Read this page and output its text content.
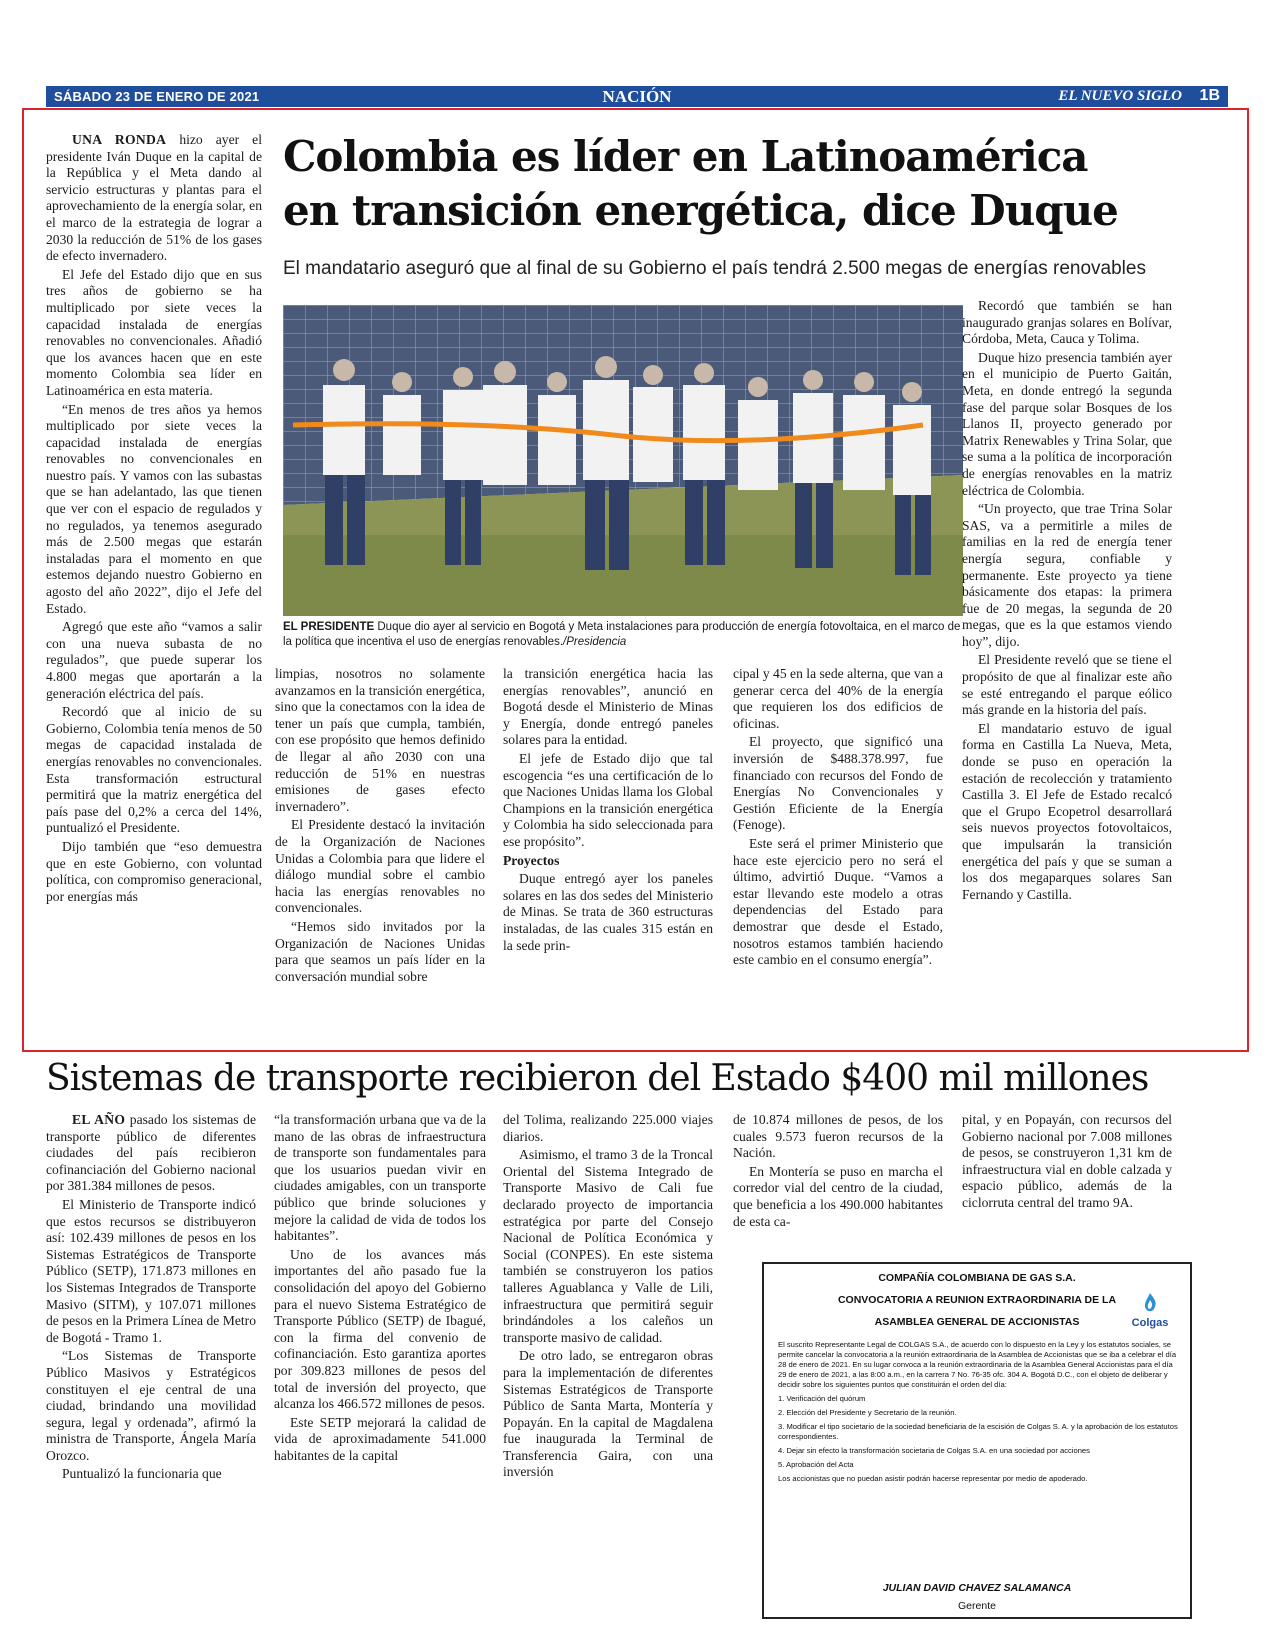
SÁBADO 23 DE ENERO DE 2021	NACIÓN	EL NUEVO SIGLO 1B
Colombia es líder en Latinoamérica
en transición energética, dice Duque
El mandatario aseguró que al final de su Gobierno el país tendrá 2.500 megas de energías renovables

UNA RONDA hizo ayer el presidente Iván Duque en la capital de la República y el Meta dando al servicio estructuras y plantas para el aprovechamiento de la energía solar, en el marco de la estrategia de lograr a 2030 la reducción de 51% de los gases de efecto invernadero.

El Jefe del Estado dijo que en sus tres años de gobierno se ha multiplicado por siete veces la capacidad instalada de energías renovables no convencionales. Añadió que los avances hacen que en este momento Colombia sea líder en Latinoamérica en esta materia.

“En menos de tres años ya hemos multiplicado por siete veces la capacidad instalada de energías renovables no convencionales en nuestro país. Y vamos con las subastas que se han adelantado, las que tienen que ver con el espacio de regulados y no regulados, ya tenemos asegurado más de 2.500 megas que estarán instaladas para el momento en que estemos dejando nuestro Gobierno en agosto del año 2022”, dijo el Jefe del Estado.

Agregó que este año “vamos a salir con una nueva subasta de no regulados”, que puede superar los 4.800 megas que aportarán a la generación eléctrica del país.

Recordó que al inicio de su Gobierno, Colombia tenía menos de 50 megas de capacidad instalada de energías renovables no convencionales. Esta transformación estructural permitirá que la matriz energética del país pase del 0,2% a cerca del 14%, puntualizó el Presidente.

Dijo también que “eso demuestra que en este Gobierno, con voluntad política, con compromiso generacional, por energías más

EL PRESIDENTE Duque dio ayer al servicio en Bogotá y Meta instalaciones para producción de energía fotovoltaica, en el marco de la política que incentiva el uso de energías renovables./Presidencia

limpias, nosotros no solamente avanzamos en la transición energética, sino que la conectamos con la idea de tener un país que cumpla, también, con ese propósito que hemos definido de llegar al año 2030 con una reducción de 51% en nuestras emisiones de gases efecto invernadero”.

El Presidente destacó la invitación de la Organización de Naciones Unidas a Colombia para que lidere el diálogo mundial sobre el cambio hacia las energías renovables no convencionales.

“Hemos sido invitados por la Organización de Naciones Unidas para que seamos un país líder en la conversación mundial sobre

la transición energética hacia las energías renovables”, anunció en Bogotá desde el Ministerio de Minas y Energía, donde entregó paneles solares para la entidad.

El jefe de Estado dijo que tal escogencia “es una certificación de lo que Naciones Unidas llama los Global Champions en la transición energética y Colombia ha sido seleccionada para ese propósito”.

Proyectos

Duque entregó ayer los paneles solares en las dos sedes del Ministerio de Minas. Se trata de 360 estructuras instaladas, de las cuales 315 están en la sede prin-

cipal y 45 en la sede alterna, que van a generar cerca del 40% de la energía que requieren los dos edificios de oficinas.

El proyecto, que significó una inversión de $488.378.997, fue financiado con recursos del Fondo de Energías No Convencionales y Gestión Eficiente de la Energía (Fenoge).

Este será el primer Ministerio que hace este ejercicio pero no será el último, advirtió Duque. “Vamos a estar llevando este modelo a otras dependencias del Estado para demostrar que desde el Estado, nosotros estamos también haciendo este cambio en el consumo energía”.

Recordó que también se han inaugurado granjas solares en Bolívar, Córdoba, Meta, Cauca y Tolima.

Duque hizo presencia también ayer en el municipio de Puerto Gaitán, Meta, en donde entregó la segunda fase del parque solar Bosques de los Llanos II, proyecto generado por Matrix Renewables y Trina Solar, que se suma a la política de incorporación de energías renovables en la matriz eléctrica de Colombia.

“Un proyecto, que trae Trina Solar SAS, va a permitirle a miles de familias en la red de energía tener energía segura, confiable y permanente. Este proyecto ya tiene básicamente dos etapas: la primera fue de 20 megas, la segunda de 20 megas, que es la que estamos viendo hoy”, dijo.

El Presidente reveló que se tiene el propósito de que al finalizar este año se esté entregando el parque eólico más grande en la historia del país.

El mandatario estuvo de igual forma en Castilla La Nueva, Meta, donde se puso en operación la estación de recolección y tratamiento Castilla 3. El Jefe de Estado recalcó que el Grupo Ecopetrol desarrollará seis nuevos proyectos fotovoltaicos, que impulsarán la transición energética del país y que se suman a los dos megaparques solares San Fernando y Castilla.

Sistemas de transporte recibieron del Estado $400 mil millones

EL AÑO pasado los sistemas de transporte público de diferentes ciudades del país recibieron cofinanciación del Gobierno nacional por 381.384 millones de pesos.

El Ministerio de Transporte indicó que estos recursos se distribuyeron así: 102.439 millones de pesos en los Sistemas Estratégicos de Transporte Público (SETP), 171.873 millones en los Sistemas Integrados de Transporte Masivo (SITM), y 107.071 millones de pesos en la Primera Línea de Metro de Bogotá - Tramo 1.

“Los Sistemas de Transporte Público Masivos y Estratégicos constituyen el eje central de una ciudad, brindando una movilidad segura, legal y ordenada”, afirmó la ministra de Transporte, Ángela María Orozco.

Puntualizó la funcionaria que

“la transformación urbana que va de la mano de las obras de infraestructura de transporte son fundamentales para que los usuarios puedan vivir en ciudades amigables, con un transporte público que brinde soluciones y mejore la calidad de vida de todos los habitantes”.

Uno de los avances más importantes del año pasado fue la consolidación del apoyo del Gobierno para el nuevo Sistema Estratégico de Transporte Público (SETP) de Ibagué, con la firma del convenio de cofinanciación. Esto garantiza aportes por 309.823 millones de pesos del total de inversión del proyecto, que alcanza los 466.572 millones de pesos.

Este SETP mejorará la calidad de vida de aproximadamente 541.000 habitantes de la capital

del Tolima, realizando 225.000 viajes diarios.

Asimismo, el tramo 3 de la Troncal Oriental del Sistema Integrado de Transporte Masivo de Cali fue declarado proyecto de importancia estratégica por parte del Consejo Nacional de Política Económica y Social (CONPES). En este sistema también se construyeron los patios talleres Aguablanca y Valle de Lili, infraestructura que permitirá seguir brindándoles a los caleños un transporte masivo de calidad.

De otro lado, se entregaron obras para la implementación de diferentes Sistemas Estratégicos de Transporte Público de Santa Marta, Montería y Popayán. En la capital de Magdalena fue inaugurada la Terminal de Transferencia Gaira, con una inversión

de 10.874 millones de pesos, de los cuales 9.573 fueron recursos de la Nación.

En Montería se puso en marcha el corredor vial del centro de la ciudad, que beneficia a los 490.000 habitantes de esta ca-

pital, y en Popayán, con recursos del Gobierno nacional por 7.008 millones de pesos, se construyeron 1,31 km de infraestructura vial en doble calzada y espacio público, además de la ciclorruta central del tramo 9A.

COMPAÑÍA COLOMBIANA DE GAS S.A.
CONVOCATORIA A REUNION EXTRAORDINARIA DE LA
ASAMBLEA GENERAL DE ACCIONISTAS	Colgas

El suscrito Representante Legal de COLGAS S.A., de acuerdo con lo dispuesto en la Ley y los estatutos sociales, se permite cancelar la convocatoria a la reunión extraordinaria de la Asamblea de Accionistas que se iba a celebrar el día 28 de enero de 2021. En su lugar convoca a la reunión extraordinaria de la Asamblea General Accionistas para el día 29 de enero de 2021, a las 8:00 a.m., en la carrera 7 No. 76-35 ofc. 304 A. Bogotá D.C., con el objeto de deliberar y decidir sobre los siguientes puntos que constituirán el orden del día:

1. Verificación del quórum

2. Elección del Presidente y Secretario de la reunión.

3. Modificar el tipo societario de la sociedad beneficiaria de la escisión de Colgas S. A. y la aprobación de los estatutos correspondientes.

4. Dejar sin efecto la transformación societaria de Colgas S.A. en una sociedad por acciones

5. Aprobación del Acta

Los accionistas que no puedan asistir podrán hacerse representar por medio de apoderado.

JULIAN DAVID CHAVEZ SALAMANCA
Gerente
